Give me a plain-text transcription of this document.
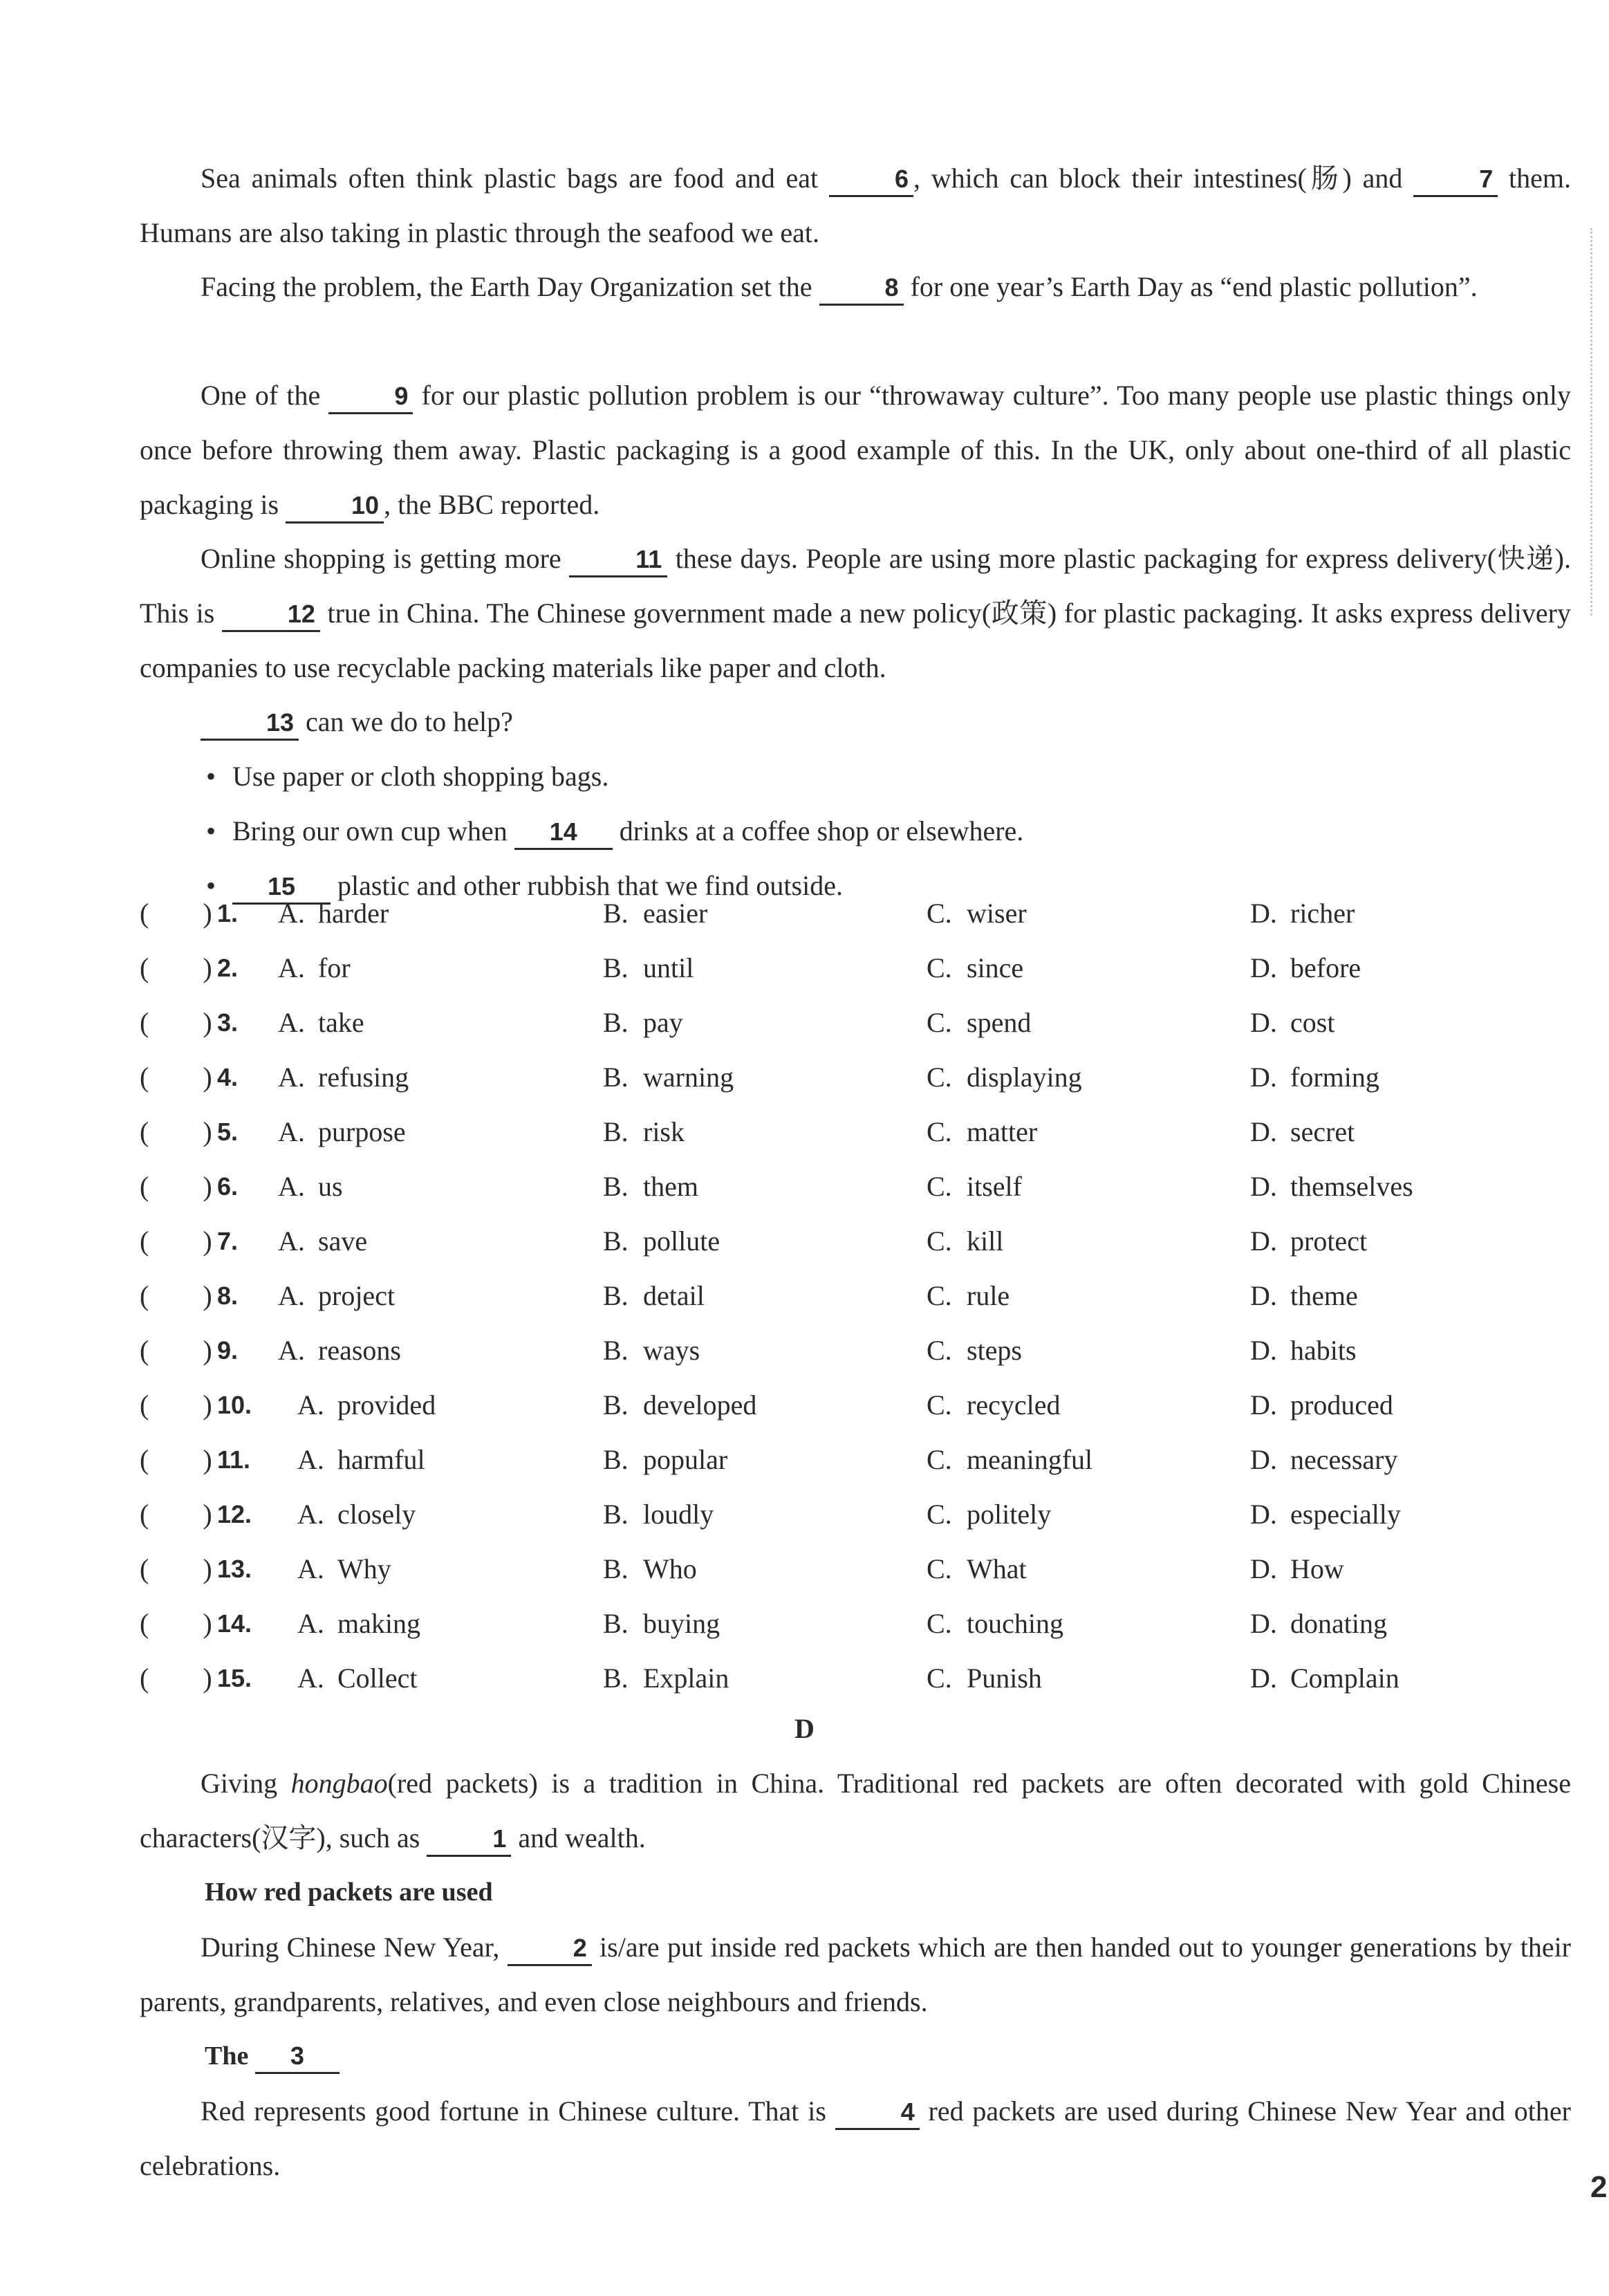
Sea animals often think plastic bags are food and eat	6 , which can block their intestines(肠) and	7 them. Humans are also taking in plastic through the seafood we eat.

Facing the problem, the Earth Day Organization set the	8 for one year’s Earth Day as “end plastic pollution”.

One of the	9 for our plastic pollution problem is our “throwaway culture”. Too many people use plastic things only once before throwing them away. Plastic packaging is a good example of this. In the UK, only about one-third of all plastic packaging is	10 , the BBC reported.

Online shopping is getting more	11 these days. People are using more plastic packaging for express delivery(快递). This is	12 true in China. The Chinese government made a new policy(政策) for plastic packaging. It asks express delivery companies to use recyclable packing materials like paper and cloth.

13 can we do to help?

• Use paper or cloth shopping bags.
• Bring our own cup when 14 drinks at a coffee shop or elsewhere.
• 15 plastic and other rubbish that we find outside.
( ) 1. A. harder	B. easier	C. wiser	D. richer
( ) 2. A. for	B. until	C. since	D. before
( ) 3. A. take	B. pay	C. spend	D. cost
( ) 4. A. refusing	B. warning	C. displaying	D. forming
( ) 5. A. purpose	B. risk	C. matter	D. secret
( ) 6. A. us	B. them	C. itself	D. themselves
( ) 7. A. save	B. pollute	C. kill	D. protect
( ) 8. A. project	B. detail	C. rule	D. theme
( ) 9. A. reasons	B. ways	C. steps	D. habits
( ) 10. A. provided	B. developed	C. recycled	D. produced
( ) 11. A. harmful	B. popular	C. meaningful	D. necessary
( ) 12. A. closely	B. loudly	C. politely	D. especially
( ) 13. A. Why	B. Who	C. What	D. How
( ) 14. A. making	B. buying	C. touching	D. donating
( ) 15. A. Collect	B. Explain	C. Punish	D. Complain
D

Giving hongbao(red packets) is a tradition in China. Traditional red packets are often decorated with gold Chinese characters(汉字), such as	1 and wealth.

How red packets are used

During Chinese New Year,	2 is/are put inside red packets which are then handed out to younger generations by their parents, grandparents, relatives, and even close neighbours and friends.

The 3

Red represents good fortune in Chinese culture. That is	4 red packets are used during Chinese New Year and other celebrations.

2
